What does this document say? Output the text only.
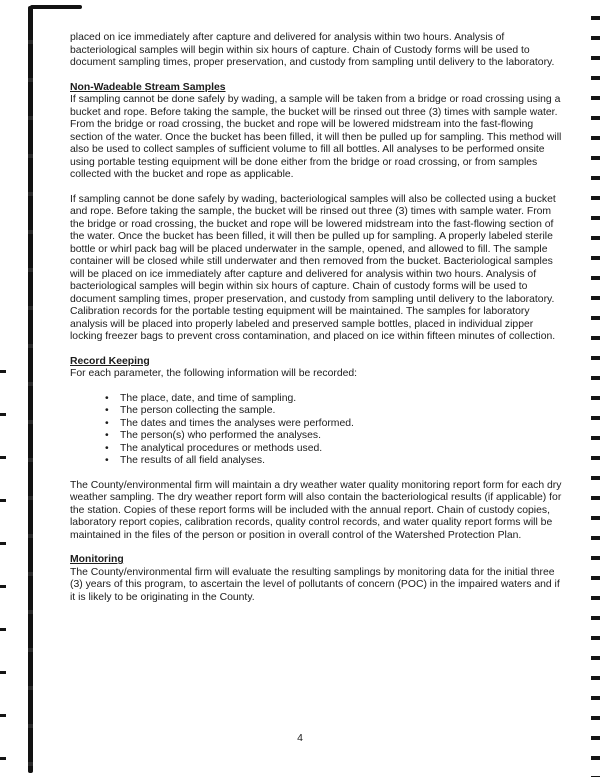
placed on ice immediately after capture and delivered for analysis within two hours. Analysis of bacteriological samples will begin within six hours of capture. Chain of Custody forms will be used to document sampling times, proper preservation, and custody from sampling until delivery to the laboratory.

Non-Wadeable Stream Samples

If sampling cannot be done safely by wading, a sample will be taken from a bridge or road crossing using a bucket and rope. Before taking the sample, the bucket will be rinsed out three (3) times with sample water. From the bridge or road crossing, the bucket and rope will be lowered midstream into the fast-flowing section of the water. Once the bucket has been filled, it will then be pulled up for sampling. This method will also be used to collect samples of sufficient volume to fill all bottles. All analyses to be performed onsite using portable testing equipment will be done either from the bridge or road crossing, or from samples collected with the bucket and rope as applicable.

If sampling cannot be done safely by wading, bacteriological samples will also be collected using a bucket and rope. Before taking the sample, the bucket will be rinsed out three (3) times with sample water. From the bridge or road crossing, the bucket and rope will be lowered midstream into the fast-flowing section of the water. Once the bucket has been filled, it will then be pulled up for sampling. A properly labeled sterile bottle or whirl pack bag will be placed underwater in the sample, opened, and allowed to fill. The sample container will be closed while still underwater and then removed from the bucket. Bacteriological samples will be placed on ice immediately after capture and delivered for analysis within two hours. Analysis of bacteriological samples will begin within six hours of capture. Chain of custody forms will be used to document sampling times, proper preservation, and custody from sampling until delivery to the laboratory. Calibration records for the portable testing equipment will be maintained. The samples for laboratory analysis will be placed into properly labeled and preserved sample bottles, placed in individual zipper locking freezer bags to prevent cross contamination, and placed on ice within fifteen minutes of collection.

Record Keeping

For each parameter, the following information will be recorded:

• The place, date, and time of sampling.
• The person collecting the sample.
• The dates and times the analyses were performed.
• The person(s) who performed the analyses.
• The analytical procedures or methods used.
• The results of all field analyses.

The County/environmental firm will maintain a dry weather water quality monitoring report form for each dry weather sampling. The dry weather report form will also contain the bacteriological results (if applicable) for the station. Copies of these report forms will be included with the annual report. Chain of custody copies, laboratory report copies, calibration records, quality control records, and water quality report forms will be maintained in the files of the person or position in overall control of the Watershed Protection Plan.

Monitoring

The County/environmental firm will evaluate the resulting samplings by monitoring data for the initial three (3) years of this program, to ascertain the level of pollutants of concern (POC) in the impaired waters and if it is likely to be originating in the County.

4
